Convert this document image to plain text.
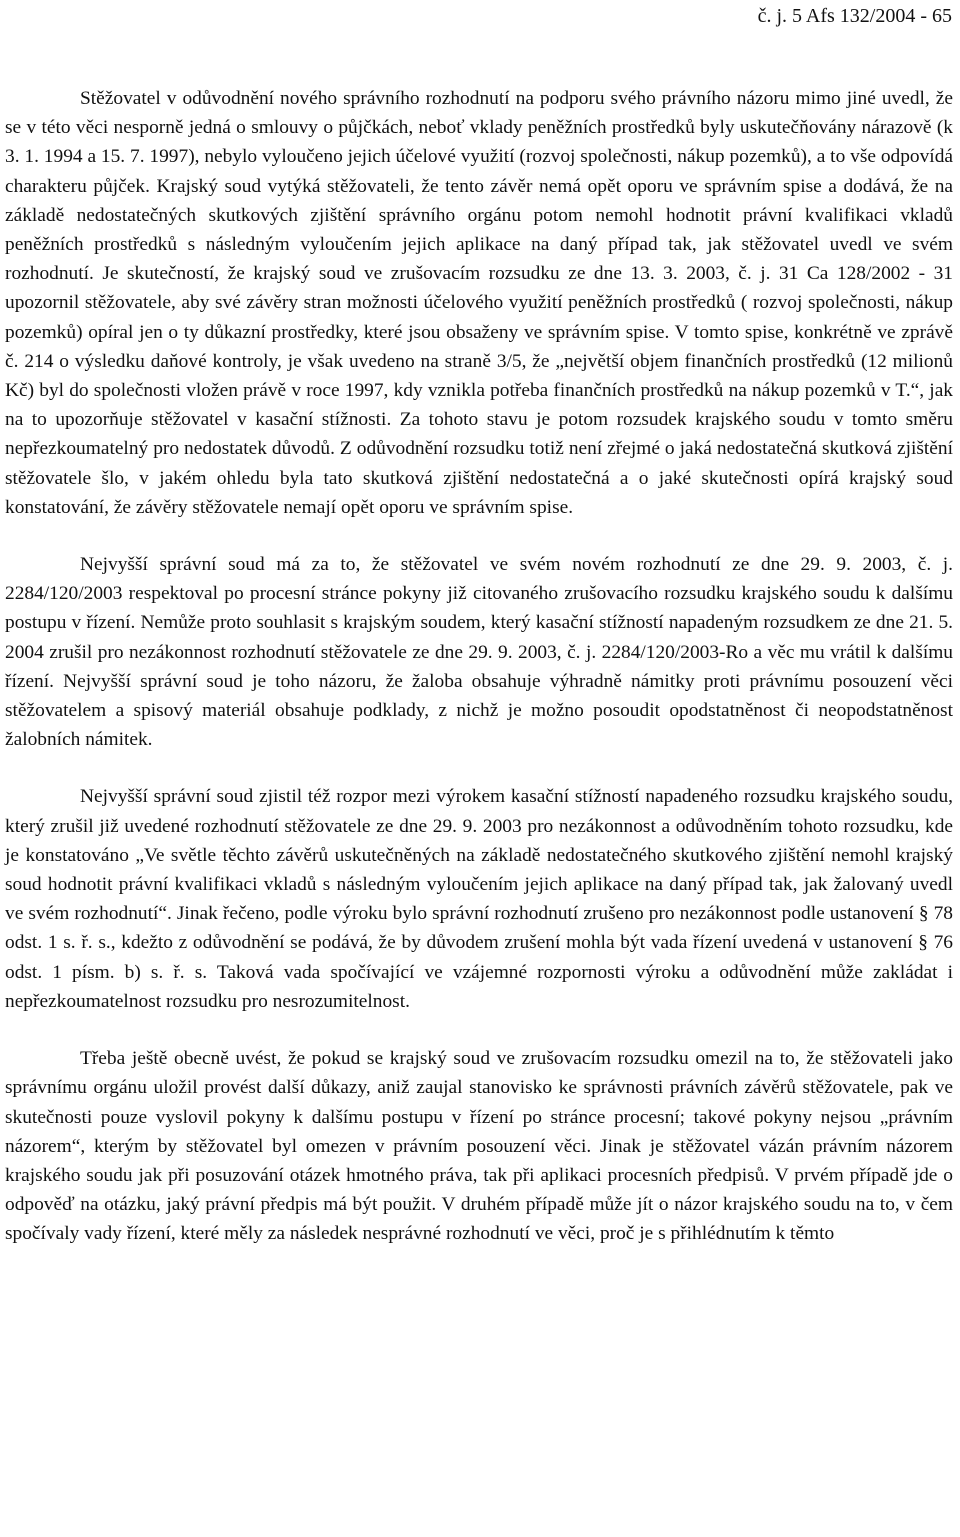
č. j. 5 Afs 132/2004 - 65

Stěžovatel v odůvodnění nového správního rozhodnutí na podporu svého právního názoru mimo jiné uvedl, že se v této věci nesporně jedná o smlouvy o půjčkách, neboť vklady peněžních prostředků byly uskutečňovány nárazově (k 3. 1. 1994 a 15. 7. 1997), nebylo vyloučeno jejich účelové využití (rozvoj společnosti, nákup pozemků), a to vše odpovídá charakteru půjček. Krajský soud vytýká stěžovateli, že tento závěr nemá opět oporu ve správním spise a dodává, že na základě nedostatečných skutkových zjištění správního orgánu potom nemohl hodnotit právní kvalifikaci vkladů peněžních prostředků s následným vyloučením jejich aplikace na daný případ tak, jak stěžovatel uvedl ve svém rozhodnutí. Je skutečností, že krajský soud ve zrušovacím rozsudku ze dne 13. 3. 2003, č. j. 31 Ca 128/2002 - 31 upozornil stěžovatele, aby své závěry stran možnosti účelového využití peněžních prostředků ( rozvoj společnosti, nákup pozemků) opíral jen o ty důkazní prostředky, které jsou obsaženy ve správním spise. V tomto spise, konkrétně ve zprávě č. 214 o výsledku daňové kontroly, je však uvedeno na straně 3/5, že „největší objem finančních prostředků (12 milionů Kč) byl do společnosti vložen právě v roce 1997, kdy vznikla potřeba finančních prostředků na nákup pozemků v T.“, jak na to upozorňuje stěžovatel v kasační stížnosti. Za tohoto stavu je potom rozsudek krajského soudu v tomto směru nepřezkoumatelný pro nedostatek důvodů. Z odůvodnění rozsudku totiž není zřejmé o jaká nedostatečná skutková zjištění stěžovatele šlo, v jakém ohledu byla tato skutková zjištění nedostatečná a o jaké skutečnosti opírá krajský soud konstatování, že závěry stěžovatele nemají opět oporu ve správním spise.

Nejvyšší správní soud má za to, že stěžovatel ve svém novém rozhodnutí ze dne 29. 9. 2003, č. j. 2284/120/2003 respektoval po procesní stránce pokyny již citovaného zrušovacího rozsudku krajského soudu k dalšímu postupu v řízení. Nemůže proto souhlasit s krajským soudem, který kasační stížností napadeným rozsudkem ze dne 21. 5. 2004 zrušil pro nezákonnost rozhodnutí stěžovatele ze dne 29. 9. 2003, č. j. 2284/120/2003-Ro a věc mu vrátil k dalšímu řízení. Nejvyšší správní soud je toho názoru, že žaloba obsahuje výhradně námitky proti právnímu posouzení věci stěžovatelem a spisový materiál obsahuje podklady, z nichž je možno posoudit opodstatněnost či neopodstatněnost žalobních námitek.

Nejvyšší správní soud zjistil též rozpor mezi výrokem kasační stížností napadeného rozsudku krajského soudu, který zrušil již uvedené rozhodnutí stěžovatele ze dne 29. 9. 2003 pro nezákonnost a odůvodněním tohoto rozsudku, kde je konstatováno „Ve světle těchto závěrů uskutečněných na základě nedostatečného skutkového zjištění nemohl krajský soud hodnotit právní kvalifikaci vkladů s následným vyloučením jejich aplikace na daný případ tak, jak žalovaný uvedl ve svém rozhodnutí“. Jinak řečeno, podle výroku bylo správní rozhodnutí zrušeno pro nezákonnost podle ustanovení § 78 odst. 1 s. ř. s., kdežto z odůvodnění se podává, že by důvodem zrušení mohla být vada řízení uvedená v ustanovení § 76 odst. 1 písm. b) s. ř. s. Taková vada spočívající ve vzájemné rozpornosti výroku a odůvodnění může zakládat i nepřezkoumatelnost rozsudku pro nesrozumitelnost.

Třeba ještě obecně uvést, že pokud se krajský soud ve zrušovacím rozsudku omezil na to, že stěžovateli jako správnímu orgánu uložil provést další důkazy, aniž zaujal stanovisko ke správnosti právních závěrů stěžovatele, pak ve skutečnosti pouze vyslovil pokyny k dalšímu postupu v řízení po stránce procesní; takové pokyny nejsou „právním názorem“, kterým by stěžovatel byl omezen v právním posouzení věci. Jinak je stěžovatel vázán právním názorem krajského soudu jak při posuzování otázek hmotného práva, tak při aplikaci procesních předpisů. V prvém případě jde o odpověď na otázku, jaký právní předpis má být použit. V druhém případě může jít o názor krajského soudu na to, v čem spočívaly vady řízení, které měly za následek nesprávné rozhodnutí ve věci, proč je s přihlédnutím k těmto
